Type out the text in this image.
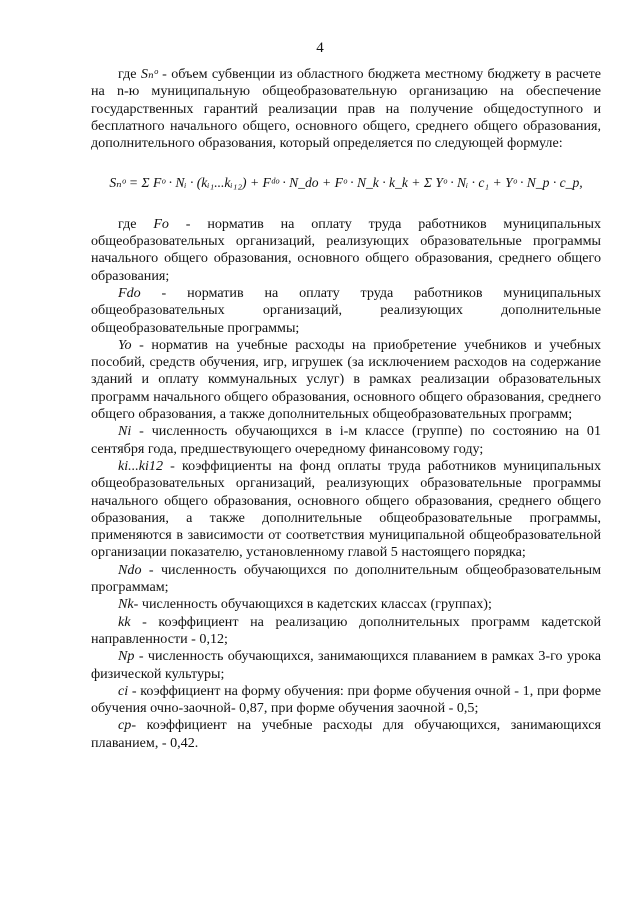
4

где Sₙᵒ - объем субвенции из областного бюджета местному бюджету в расчете на n-ю муниципальную общеобразовательную организацию на обеспечение государственных гарантий реализации прав на получение общедоступного и бесплатного начального общего, основного общего, среднего общего образования, дополнительного образования, который определяется по следующей формуле:

Sₙᵒ = Σ Fᵒ · Nᵢ · (kᵢ₁...kᵢ₁₂) + Fᵈᵒ · N_do + Fᵒ · N_k · k_k + Σ Yᵒ · Nᵢ · c₁ + Yᵒ · N_p · c_p,

где Fo - норматив на оплату труда работников муниципальных общеобразовательных организаций, реализующих образовательные программы начального общего образования, основного общего образования, среднего общего образования;

Fdo - норматив на оплату труда работников муниципальных общеобразовательных организаций, реализующих дополнительные общеобразовательные программы;

Yo - норматив на учебные расходы на приобретение учебников и учебных пособий, средств обучения, игр, игрушек (за исключением расходов на содержание зданий и оплату коммунальных услуг) в рамках реализации образовательных программ начального общего образования, основного общего образования, среднего общего образования, а также дополнительных общеобразовательных программ;

Ni - численность обучающихся в i-м классе (группе) по состоянию на 01 сентября года, предшествующего очередному финансовому году;

ki...ki12 - коэффициенты на фонд оплаты труда работников муниципальных общеобразовательных организаций, реализующих образовательные программы начального общего образования, основного общего образования, среднего общего образования, а также дополнительные общеобразовательные программы, применяются в зависимости от соответствия муниципальной общеобразовательной организации показателю, установленному главой 5 настоящего порядка;

Ndo - численность обучающихся по дополнительным общеобразовательным программам;

Nk- численность обучающихся в кадетских классах (группах);

kk - коэффициент на реализацию дополнительных программ кадетской направленности - 0,12;

Np - численность обучающихся, занимающихся плаванием в рамках 3-го урока физической культуры;

ci - коэффициент на форму обучения: при форме обучения очной - 1, при форме обучения очно-заочной- 0,87, при форме обучения заочной - 0,5;

cp- коэффициент на учебные расходы для обучающихся, занимающихся плаванием, - 0,42.
